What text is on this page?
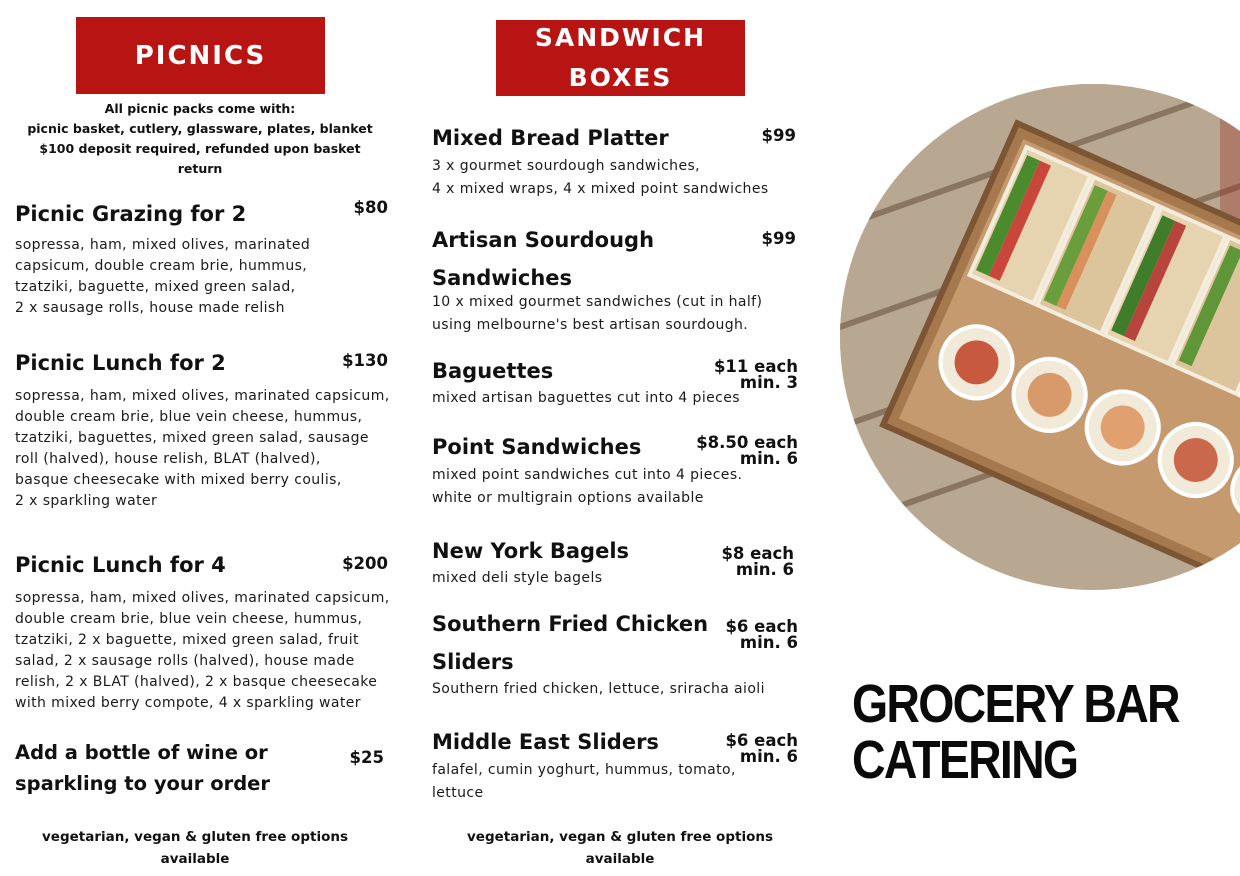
PICNICS
All picnic packs come with:
picnic basket, cutlery, glassware, plates, blanket
$100 deposit required, refunded upon basket return
Picnic Grazing for 2	$80
sopressa, ham, mixed olives, marinated
capsicum, double cream brie, hummus,
tzatziki, baguette, mixed green salad,
2 x sausage rolls, house made relish
Picnic Lunch for 2	$130
sopressa, ham, mixed olives, marinated capsicum,
double cream brie, blue vein cheese, hummus,
tzatziki, baguettes, mixed green salad, sausage
roll (halved), house relish, BLAT (halved),
basque cheesecake with mixed berry coulis,
2 x sparkling water
Picnic Lunch for 4	$200
sopressa, ham, mixed olives, marinated capsicum,
double cream brie, blue vein cheese, hummus,
tzatziki, 2 x baguette, mixed green salad, fruit
salad, 2 x sausage rolls (halved), house made
relish, 2 x BLAT (halved), 2 x basque cheesecake
with mixed berry compote, 4 x sparkling water
Add a bottle of wine or
sparkling to your order
$25
vegetarian, vegan & gluten free options
available
SANDWICH
BOXES
Mixed Bread Platter	$99
3 x gourmet sourdough sandwiches,
4 x mixed wraps, 4 x mixed point sandwiches
Artisan Sourdough
Sandwiches
$99
10 x mixed gourmet sandwiches (cut in half)
using melbourne's best artisan sourdough.
Baguettes	$11 each
min. 3
mixed artisan baguettes cut into 4 pieces
Point Sandwiches	$8.50 each
min. 6
mixed point sandwiches cut into 4 pieces.
white or multigrain options available
New York Bagels	$8 each
min. 6
mixed deli style bagels
Southern Fried Chicken
Sliders
$6 each
min. 6
Southern fried chicken, lettuce, sriracha aioli
Middle East Sliders	$6 each
min. 6
falafel, cumin yoghurt, hummus, tomato,
lettuce
vegetarian, vegan & gluten free options
available
GROCERY BAR
CATERING
